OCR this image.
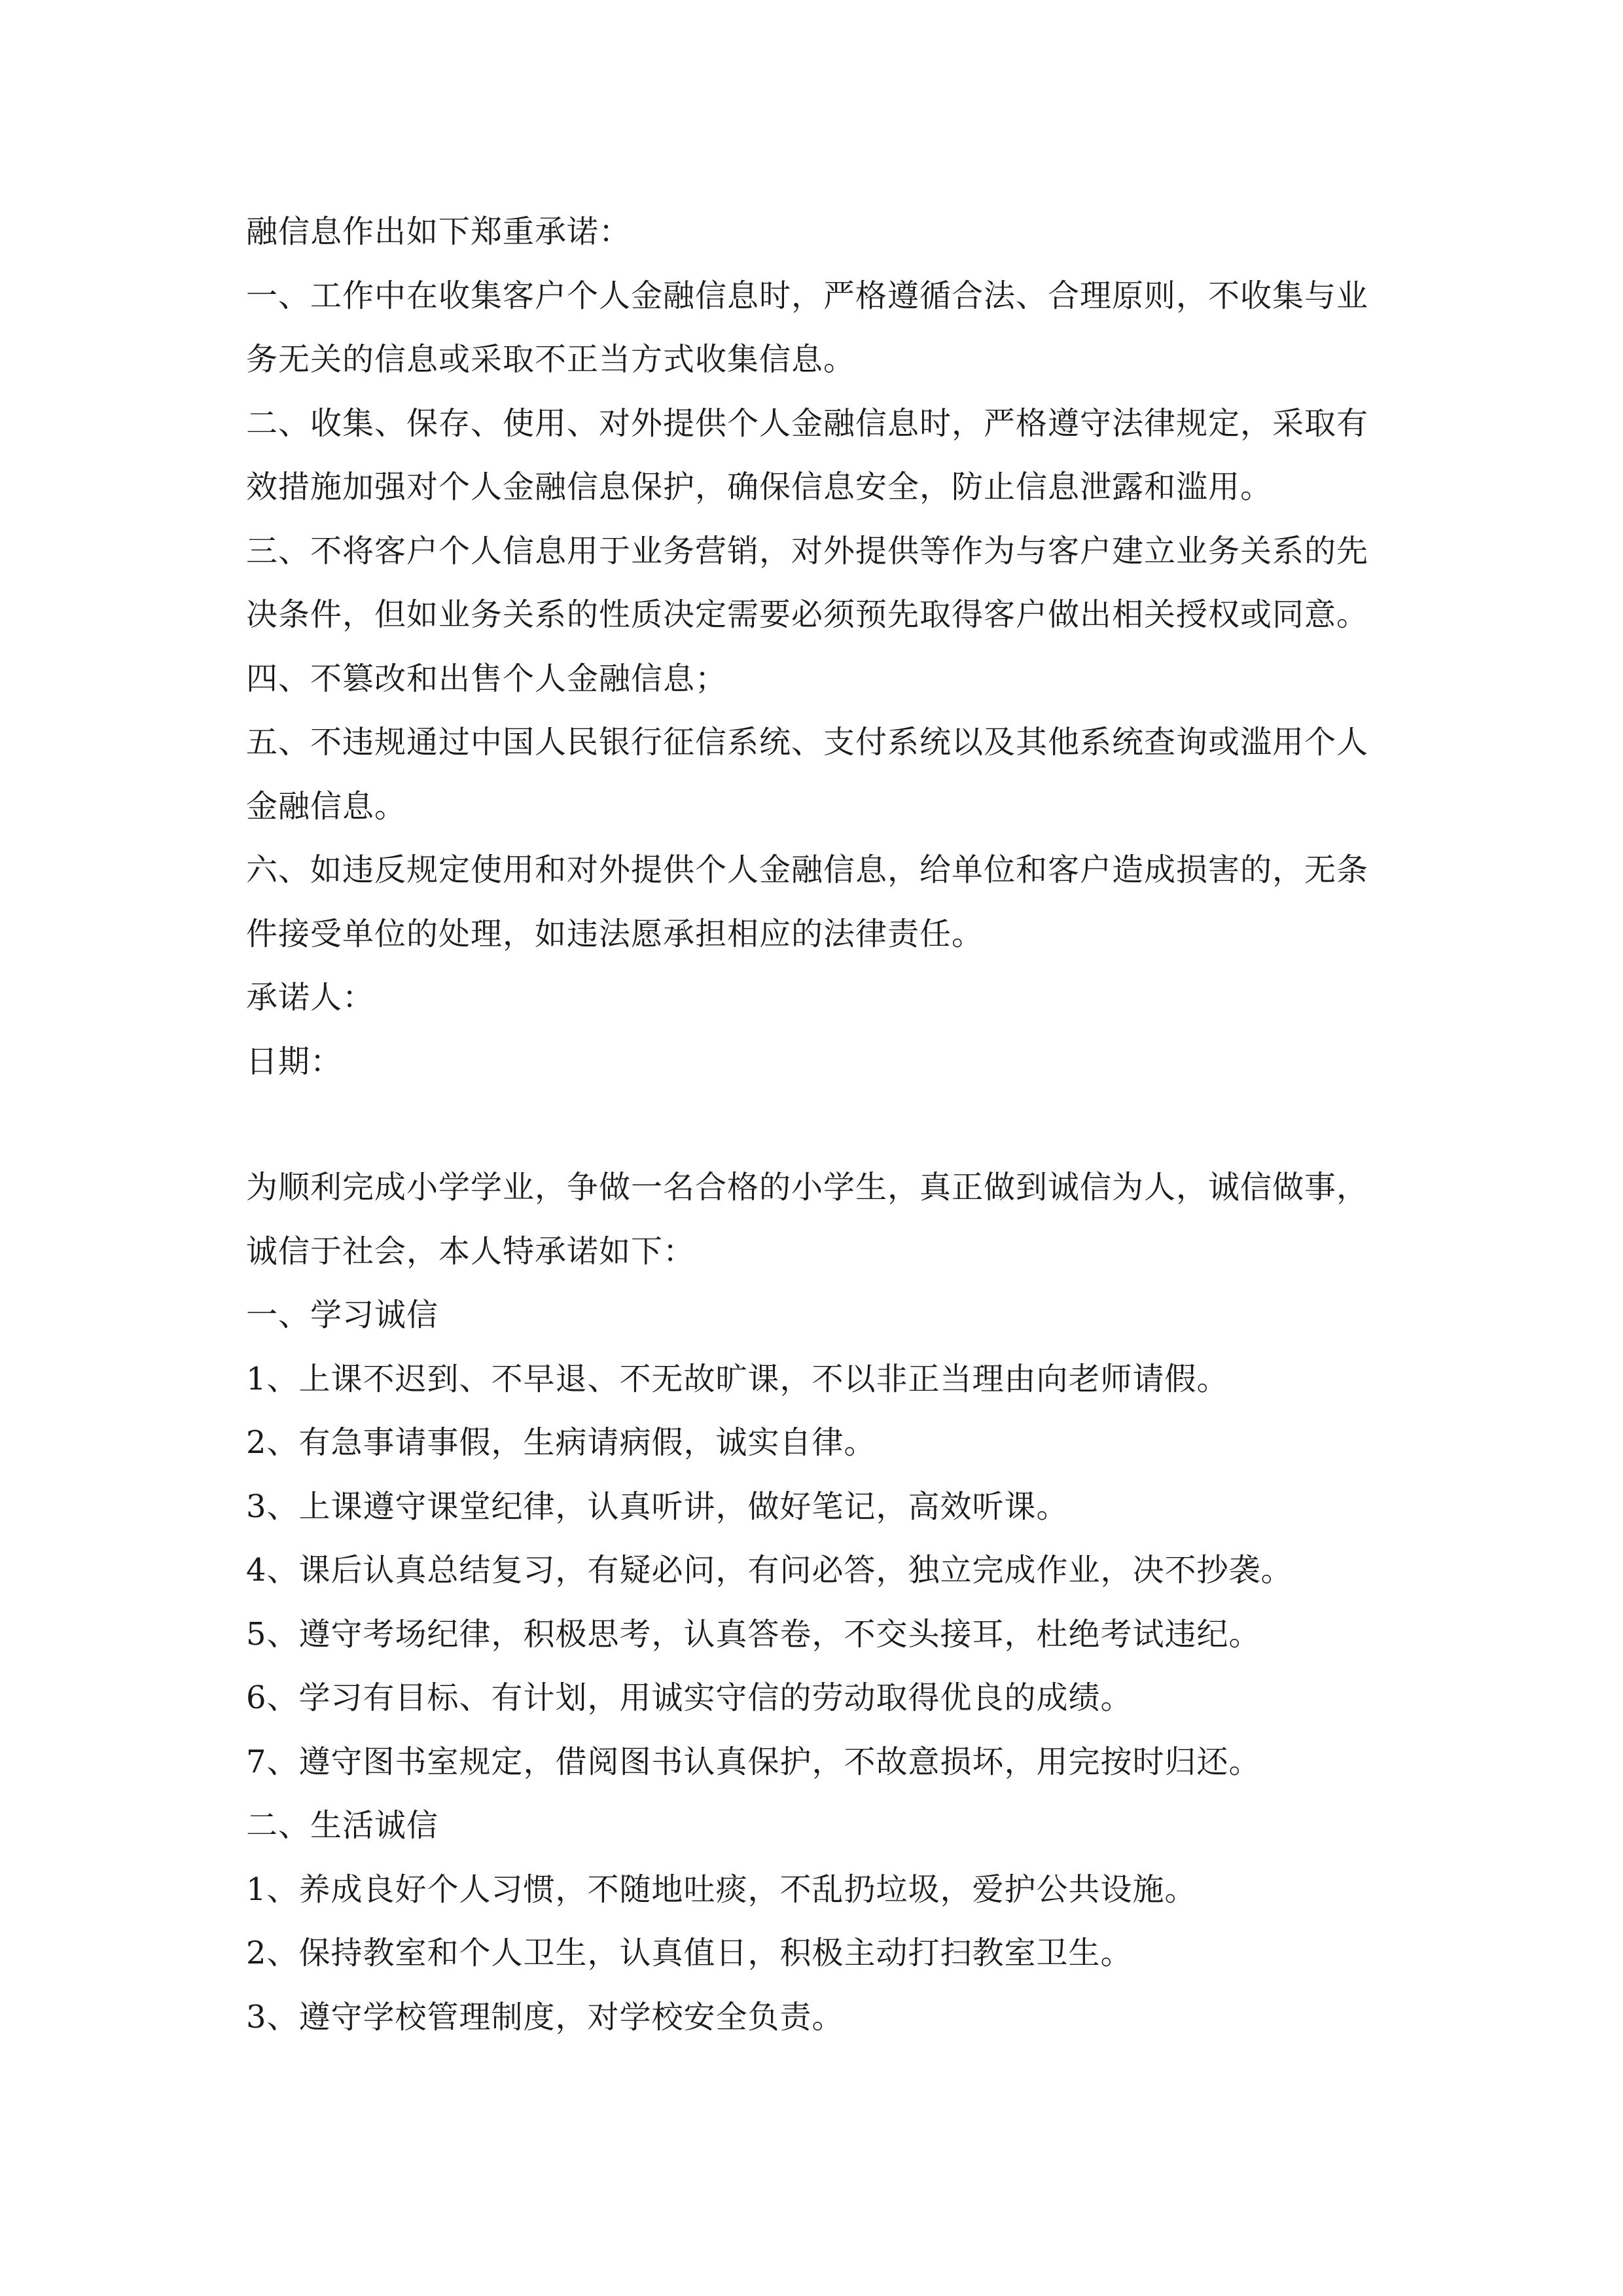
融信息作出如下郑重承诺：
一、工作中在收集客户个人金融信息时，严格遵循合法、合理原则，不收集与业
务无关的信息或采取不正当方式收集信息。
二、收集、保存、使用、对外提供个人金融信息时，严格遵守法律规定，采取有
效措施加强对个人金融信息保护，确保信息安全，防止信息泄露和滥用。
三、不将客户个人信息用于业务营销，对外提供等作为与客户建立业务关系的先
决条件，但如业务关系的性质决定需要必须预先取得客户做出相关授权或同意。
四、不篡改和出售个人金融信息；
五、不违规通过中国人民银行征信系统、支付系统以及其他系统查询或滥用个人
金融信息。
六、如违反规定使用和对外提供个人金融信息，给单位和客户造成损害的，无条
件接受单位的处理，如违法愿承担相应的法律责任。
承诺人：
日期：
为顺利完成小学学业，争做一名合格的小学生，真正做到诚信为人，诚信做事，
诚信于社会，本人特承诺如下：
一、学习诚信
1、上课不迟到、不早退、不无故旷课，不以非正当理由向老师请假。
2、有急事请事假，生病请病假，诚实自律。
3、上课遵守课堂纪律，认真听讲，做好笔记，高效听课。
4、课后认真总结复习，有疑必问，有问必答，独立完成作业，决不抄袭。
5、遵守考场纪律，积极思考，认真答卷，不交头接耳，杜绝考试违纪。
6、学习有目标、有计划，用诚实守信的劳动取得优良的成绩。
7、遵守图书室规定，借阅图书认真保护，不故意损坏，用完按时归还。
二、生活诚信
1、养成良好个人习惯，不随地吐痰，不乱扔垃圾，爱护公共设施。
2、保持教室和个人卫生，认真值日，积极主动打扫教室卫生。
3、遵守学校管理制度，对学校安全负责。
